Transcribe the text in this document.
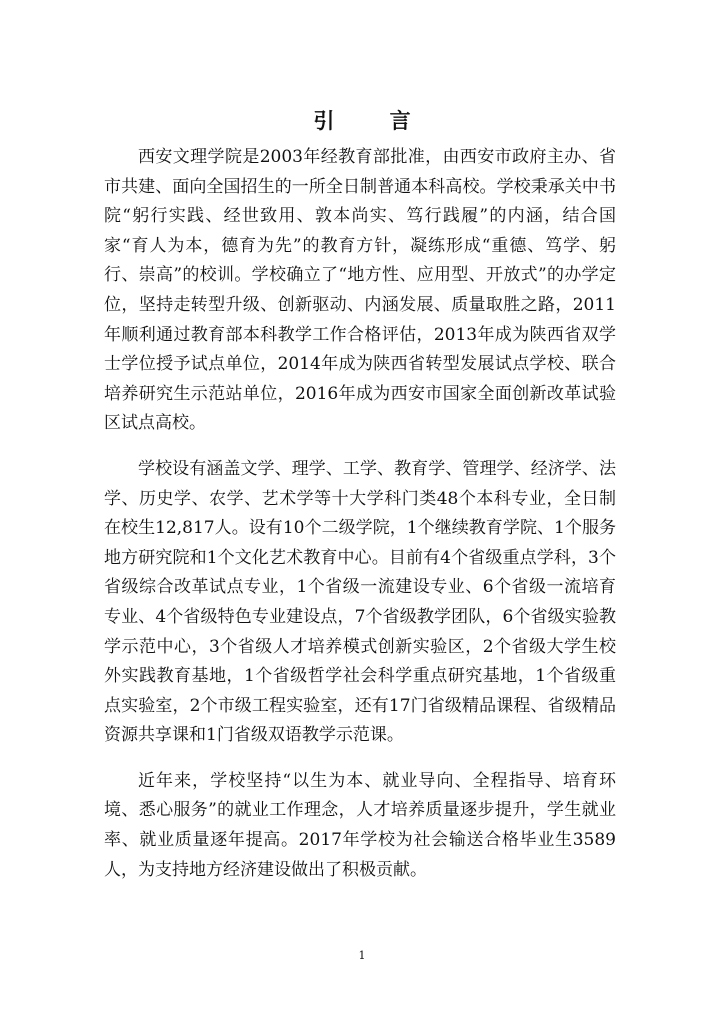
引 言

西安文理学院是2003年经教育部批准，由西安市政府主办、省市共建、面向全国招生的一所全日制普通本科高校。学校秉承关中书院“躬行实践、经世致用、敦本尚实、笃行践履”的内涵，结合国家“育人为本，德育为先”的教育方针，凝练形成“重德、笃学、躬行、崇高”的校训。学校确立了“地方性、应用型、开放式”的办学定位，坚持走转型升级、创新驱动、内涵发展、质量取胜之路，2011年顺利通过教育部本科教学工作合格评估，2013年成为陕西省双学士学位授予试点单位，2014年成为陕西省转型发展试点学校、联合培养研究生示范站单位，2016年成为西安市国家全面创新改革试验区试点高校。

学校设有涵盖文学、理学、工学、教育学、管理学、经济学、法学、历史学、农学、艺术学等十大学科门类48个本科专业，全日制在校生12,817人。设有10个二级学院，1个继续教育学院、1个服务地方研究院和1个文化艺术教育中心。目前有4个省级重点学科，3个省级综合改革试点专业，1个省级一流建设专业、6个省级一流培育专业、4个省级特色专业建设点，7个省级教学团队，6个省级实验教学示范中心，3个省级人才培养模式创新实验区，2个省级大学生校外实践教育基地，1个省级哲学社会科学重点研究基地，1个省级重点实验室，2个市级工程实验室，还有17门省级精品课程、省级精品资源共享课和1门省级双语教学示范课。

近年来，学校坚持“以生为本、就业导向、全程指导、培育环境、悉心服务”的就业工作理念，人才培养质量逐步提升，学生就业率、就业质量逐年提高。2017年学校为社会输送合格毕业生3589人，为支持地方经济建设做出了积极贡献。

1
